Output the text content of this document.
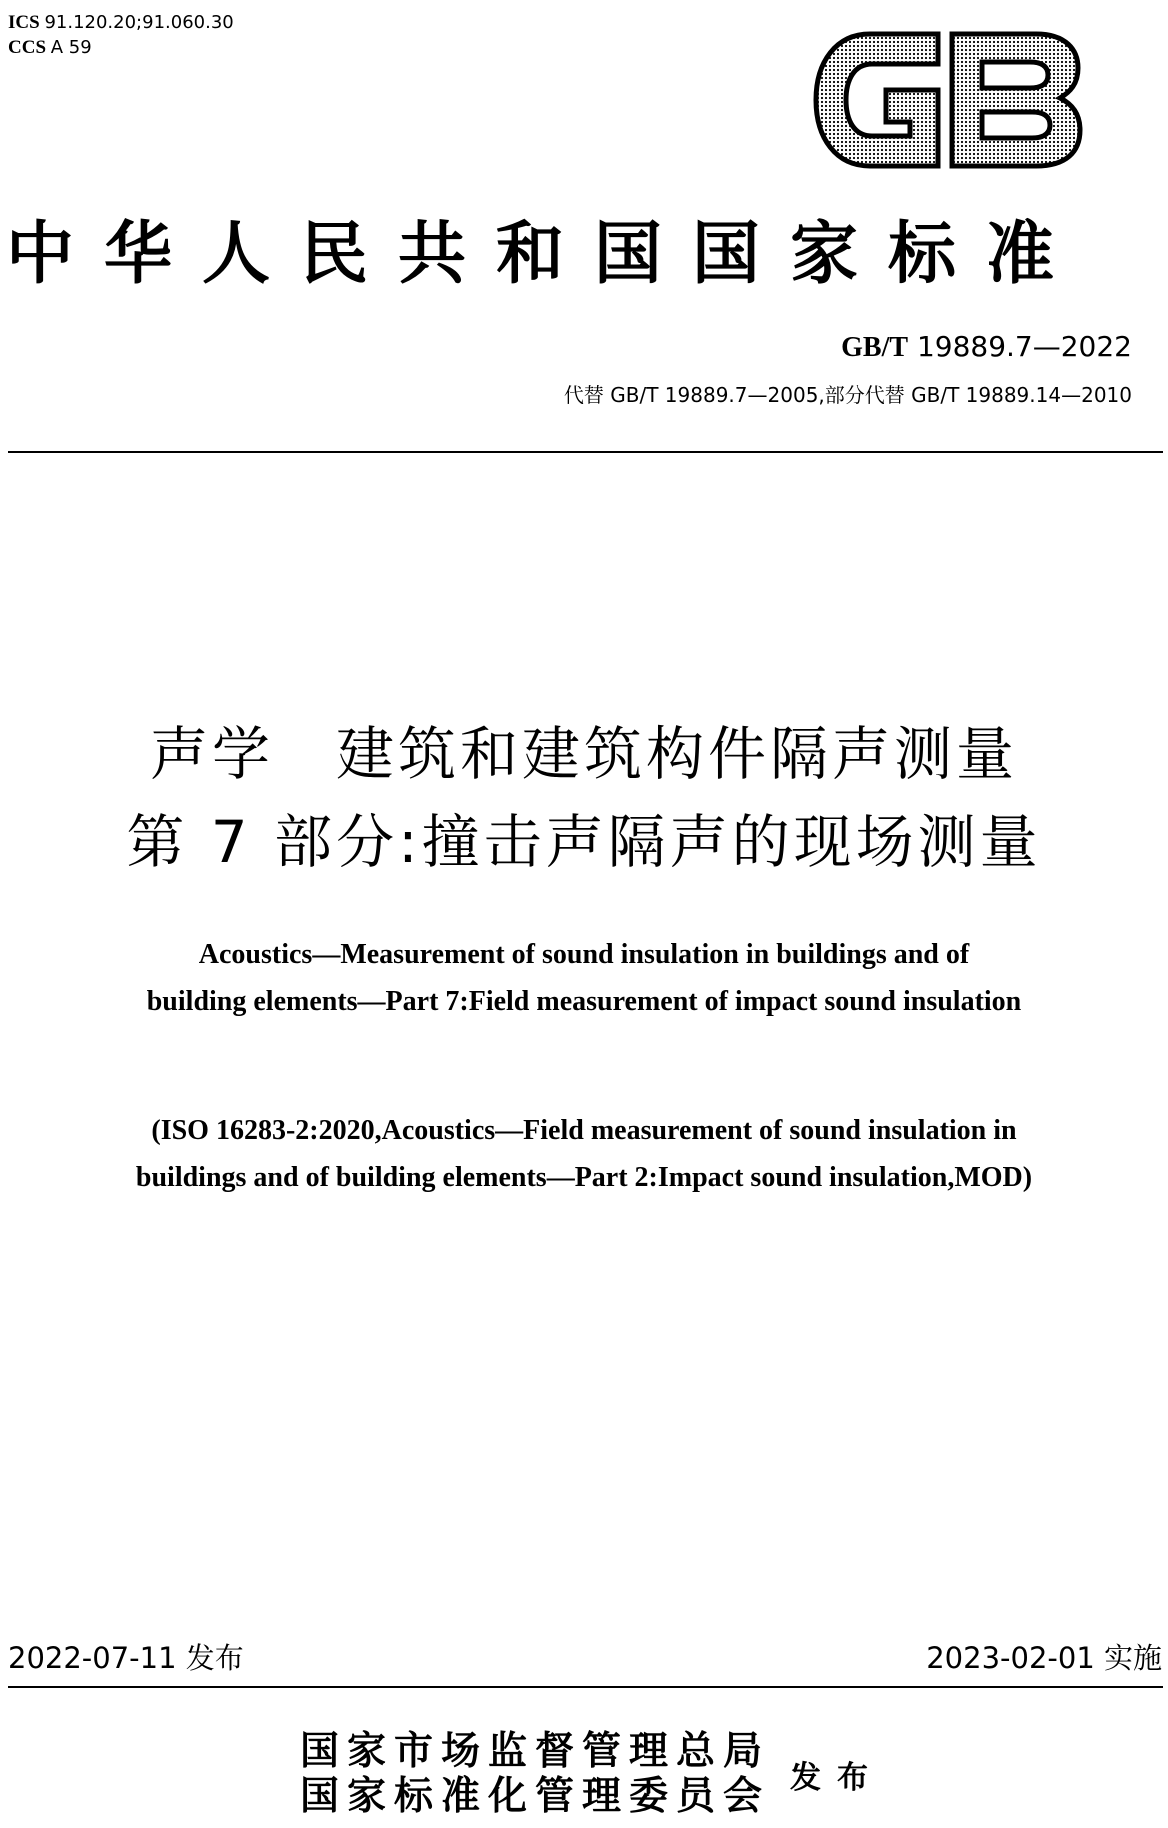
ICS 91.120.20;91.060.30
CCS A 59
中华人民共和国国家标准
GB/T 19889.7—2022
代替 GB/T 19889.7—2005,部分代替 GB/T 19889.14—2010
声学　建筑和建筑构件隔声测量
第 7 部分:撞击声隔声的现场测量
Acoustics—Measurement of sound insulation in buildings and of
building elements—Part 7:Field measurement of impact sound insulation
(ISO 16283-2:2020,Acoustics—Field measurement of sound insulation in
buildings and of building elements—Part 2:Impact sound insulation,MOD)
2022-07-11 发布	2023-02-01 实施
国家市场监督管理总局
国家标准化管理委员会 发布
